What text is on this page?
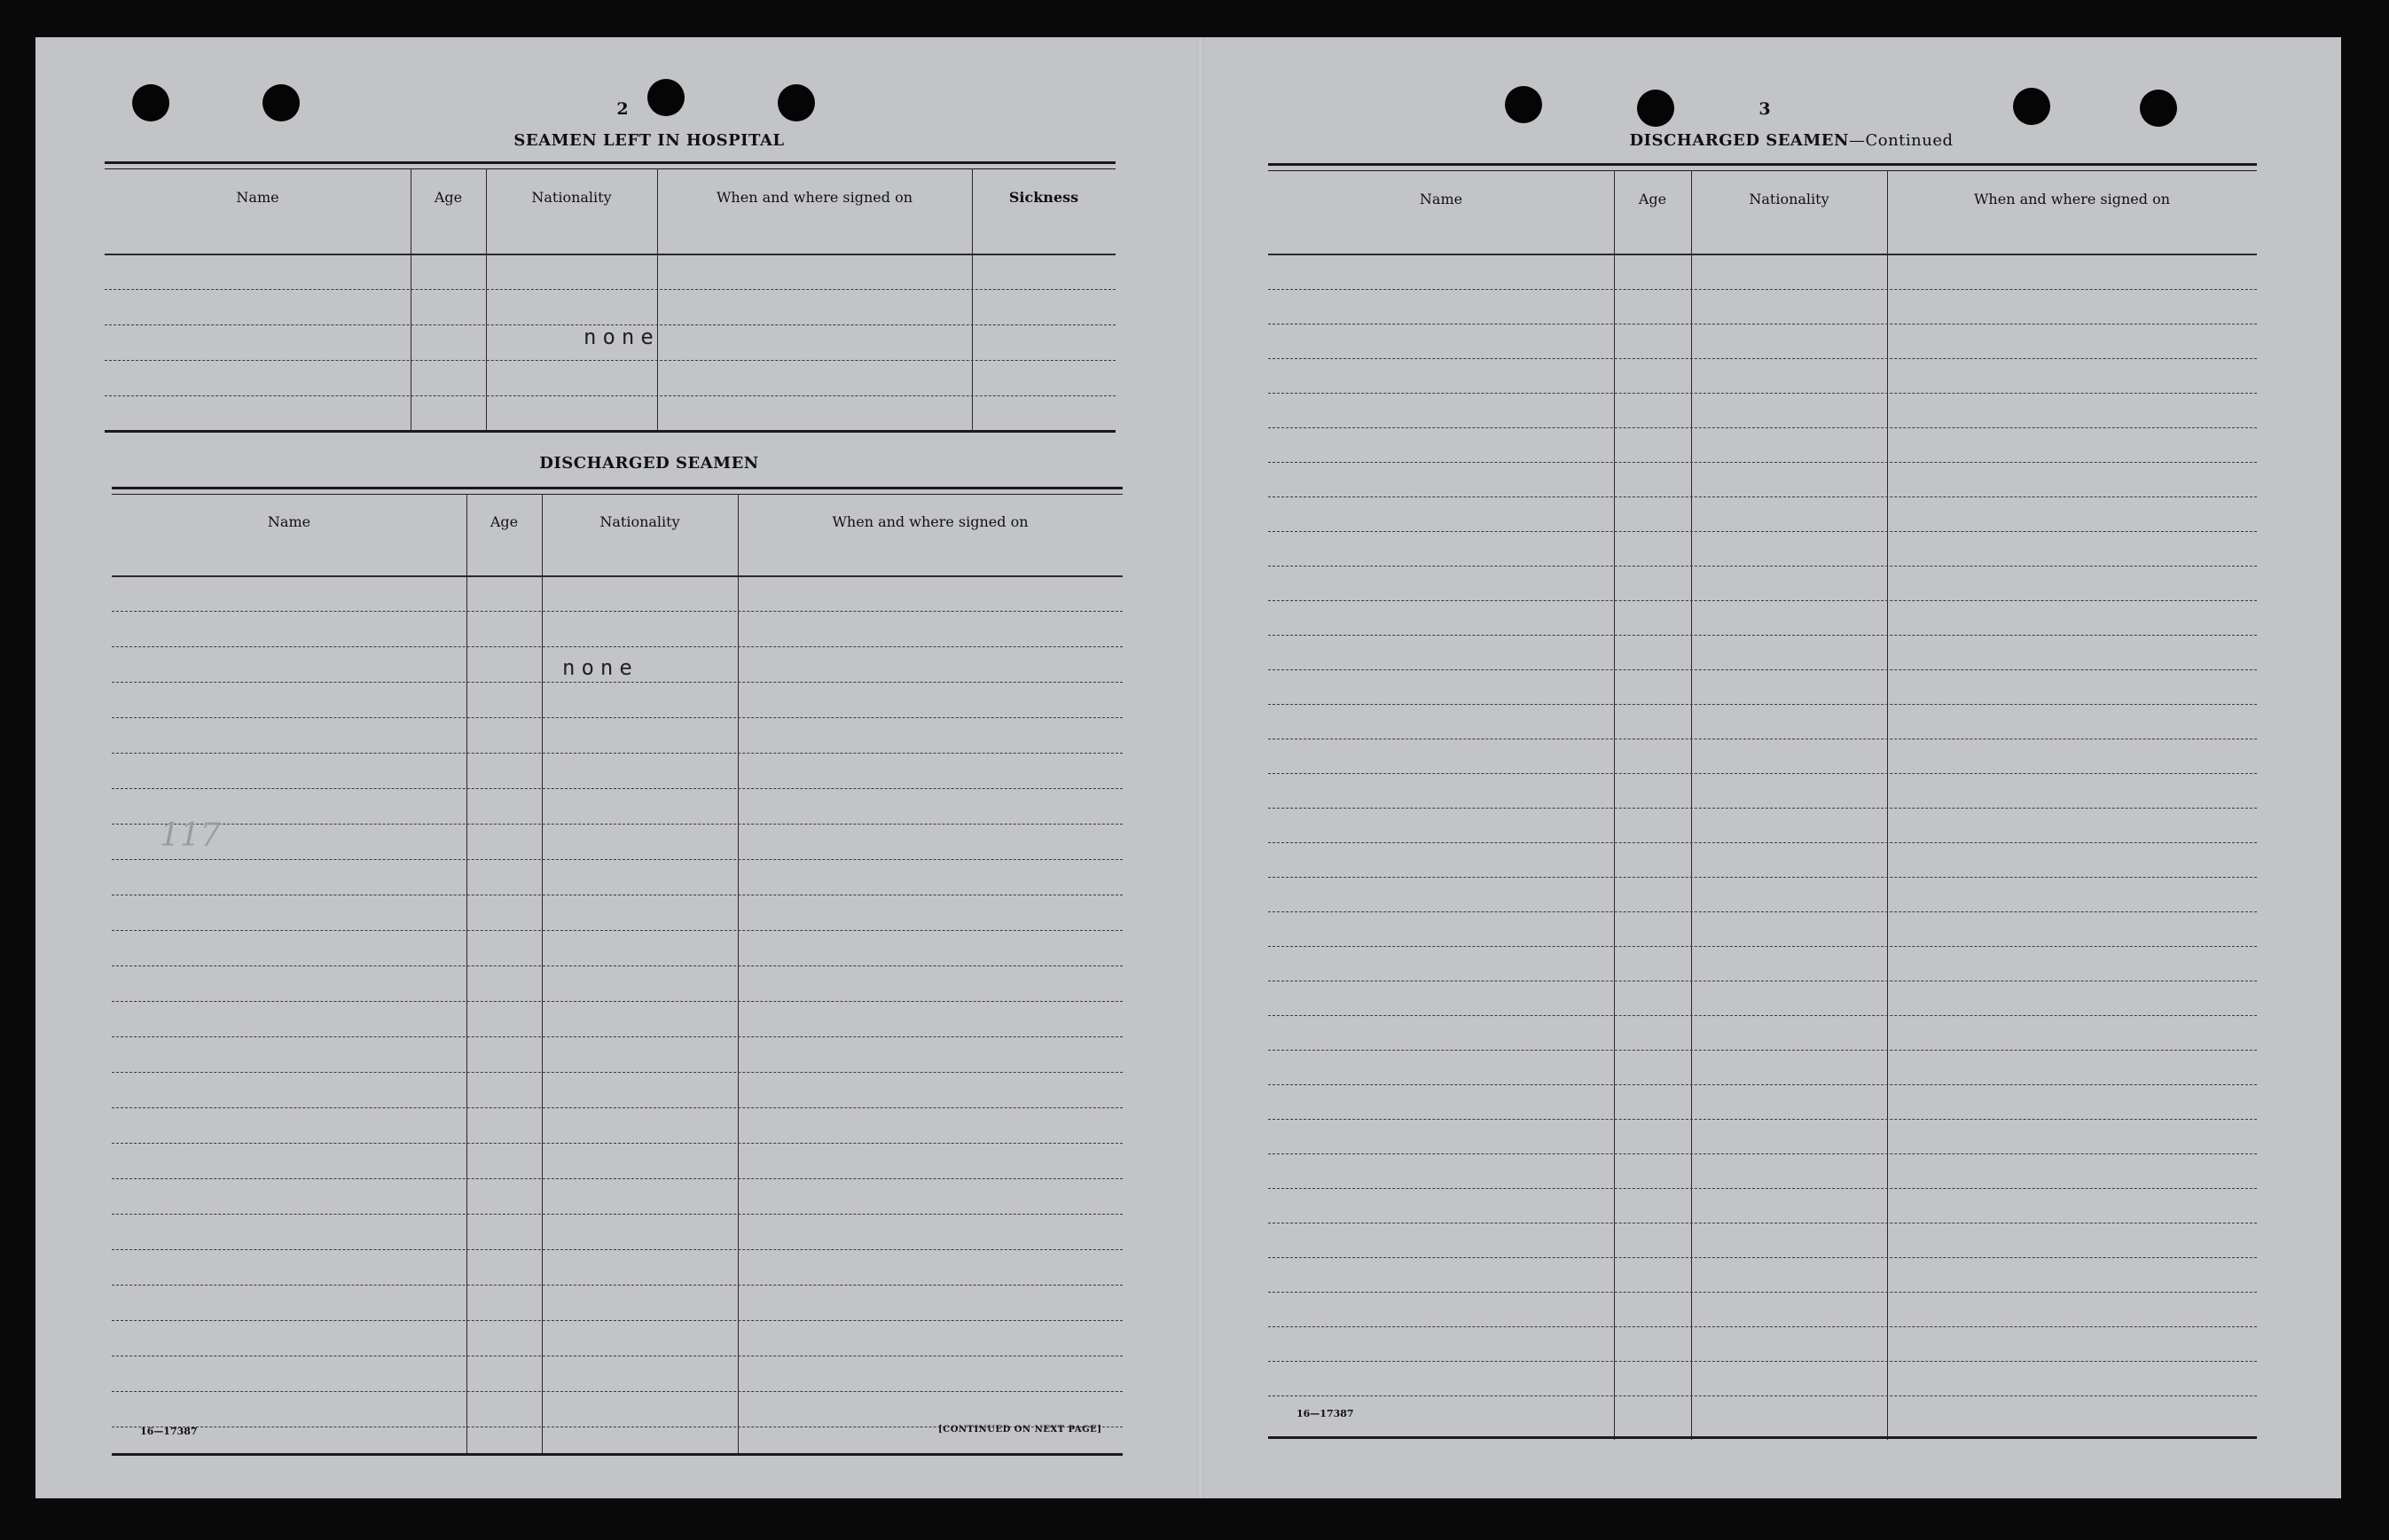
2
SEAMEN LEFT IN HOSPITAL
Name	Age	Nationality	When and where signed on	Sickness
none
DISCHARGED SEAMEN
Name	Age	Nationality	When and where signed on
none
117
16—17387	[CONTINUED ON NEXT PAGE]
3
DISCHARGED SEAMEN—Continued
Name	Age	Nationality	When and where signed on
16—17387
